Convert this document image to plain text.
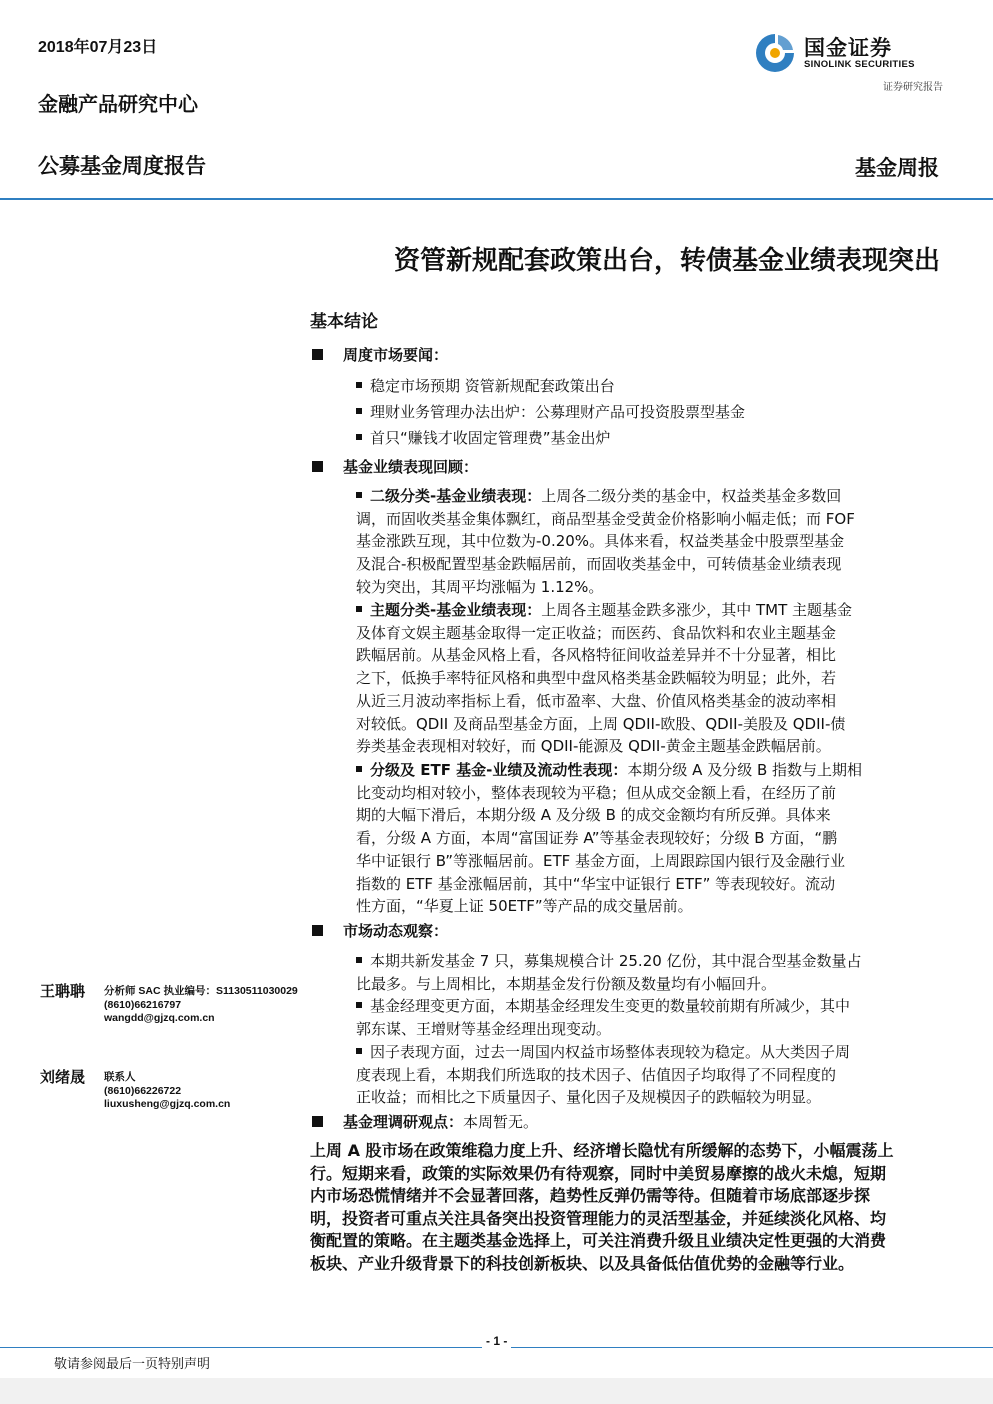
2018年07月23日
金融产品研究中心
公募基金周度报告	基金周报
国金证券
SINOLINK SECURITIES
证券研究报告
资管新规配套政策出台，转债基金业绩表现突出
基本结论
周度市场要闻：
稳定市场预期 资管新规配套政策出台
理财业务管理办法出炉：公募理财产品可投资股票型基金
首只“赚钱才收固定管理费”基金出炉
基金业绩表现回顾：
二级分类-基金业绩表现：上周各二级分类的基金中，权益类基金多数回
调，而固收类基金集体飘红，商品型基金受黄金价格影响小幅走低；而 FOF
基金涨跌互现，其中位数为-0.20%。具体来看，权益类基金中股票型基金
及混合-积极配置型基金跌幅居前，而固收类基金中，可转债基金业绩表现
较为突出，其周平均涨幅为 1.12%。
主题分类-基金业绩表现：上周各主题基金跌多涨少，其中 TMT 主题基金
及体育文娱主题基金取得一定正收益；而医药、食品饮料和农业主题基金
跌幅居前。从基金风格上看，各风格特征间收益差异并不十分显著，相比
之下，低换手率特征风格和典型中盘风格类基金跌幅较为明显；此外，若
从近三月波动率指标上看，低市盈率、大盘、价值风格类基金的波动率相
对较低。QDII 及商品型基金方面，上周 QDII-欧股、QDII-美股及 QDII-债
券类基金表现相对较好，而 QDII-能源及 QDII-黄金主题基金跌幅居前。
分级及 ETF 基金-业绩及流动性表现：本期分级 A 及分级 B 指数与上期相
比变动均相对较小，整体表现较为平稳；但从成交金额上看，在经历了前
期的大幅下滑后，本期分级 A 及分级 B 的成交金额均有所反弹。具体来
看，分级 A 方面，本周“富国证券 A”等基金表现较好；分级 B 方面，“鹏
华中证银行 B”等涨幅居前。ETF 基金方面，上周跟踪国内银行及金融行业
指数的 ETF 基金涨幅居前，其中“华宝中证银行 ETF” 等表现较好。流动
性方面，“华夏上证 50ETF”等产品的成交量居前。
市场动态观察：
本期共新发基金 7 只，募集规模合计 25.20 亿份，其中混合型基金数量占
比最多。与上周相比，本期基金发行份额及数量均有小幅回升。
基金经理变更方面，本期基金经理发生变更的数量较前期有所减少，其中
郭东谋、王增财等基金经理出现变动。
因子表现方面，过去一周国内权益市场整体表现较为稳定。从大类因子周
度表现上看，本期我们所选取的技术因子、估值因子均取得了不同程度的
正收益；而相比之下质量因子、量化因子及规模因子的跌幅较为明显。
基金理调研观点：本周暂无。
上周 A 股市场在政策维稳力度上升、经济增长隐忧有所缓解的态势下，小幅震荡上
行。短期来看，政策的实际效果仍有待观察，同时中美贸易摩擦的战火未熄，短期
内市场恐慌情绪并不会显著回落，趋势性反弹仍需等待。但随着市场底部逐步探
明，投资者可重点关注具备突出投资管理能力的灵活型基金，并延续淡化风格、均
衡配置的策略。在主题类基金选择上，可关注消费升级且业绩决定性更强的大消费
板块、产业升级背景下的科技创新板块、以及具备低估值优势的金融等行业。
王聃聃 分析师 SAC 执业编号：S1130511030029
(8610)66216797
wangdd@gjzq.com.cn
刘绪晟 联系人
(8610)66226722
liuxusheng@gjzq.com.cn
- 1 -
敬请参阅最后一页特别声明
